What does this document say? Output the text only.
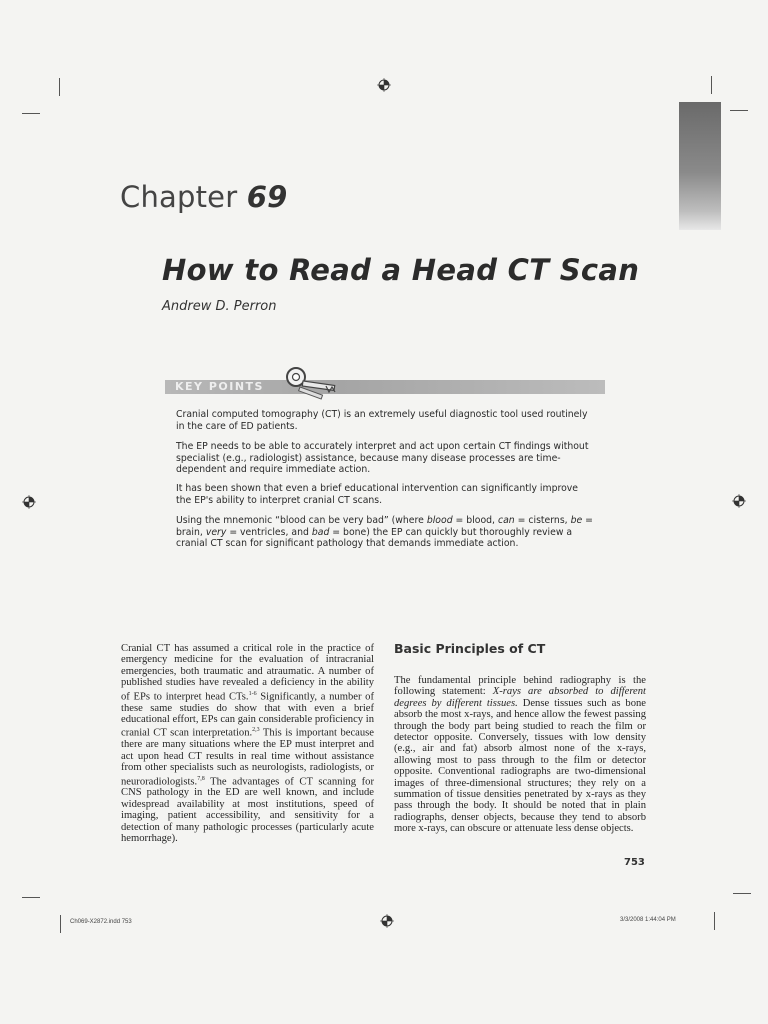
Chapter 69
How to Read a Head CT Scan
Andrew D. Perron
KEY POINTS
Cranial computed tomography (CT) is an extremely useful diagnostic tool used routinely in the care of ED patients.
The EP needs to be able to accurately interpret and act upon certain CT findings without specialist (e.g., radiologist) assistance, because many disease processes are time-dependent and require immediate action.
It has been shown that even a brief educational intervention can significantly improve the EP's ability to interpret cranial CT scans.
Using the mnemonic “blood can be very bad” (where blood = blood, can = cisterns, be = brain, very = ventricles, and bad = bone) the EP can quickly but thoroughly review a cranial CT scan for significant pathology that demands immediate action.
Cranial CT has assumed a critical role in the practice of emergency medicine for the evaluation of intracranial emergencies, both traumatic and atraumatic. A number of published studies have revealed a deficiency in the ability of EPs to interpret head CTs.$^{1-6}$ Significantly, a number of these same studies do show that with even a brief educational effort, EPs can gain considerable proficiency in cranial CT scan interpretation.$^{2,3}$ This is important because there are many situations where the EP must interpret and act upon head CT results in real time without assistance from other specialists such as neurologists, radiologists, or neuroradiologists.$^{7,8}$ The advantages of CT scanning for CNS pathology in the ED are well known, and include widespread availability at most institutions, speed of imaging, patient accessibility, and sensitivity for a detection of many pathologic processes (particularly acute hemorrhage).
Basic Principles of CT
The fundamental principle behind radiography is the following statement: X-rays are absorbed to different degrees by different tissues. Dense tissues such as bone absorb the most x-rays, and hence allow the fewest passing through the body part being studied to reach the film or detector opposite. Conversely, tissues with low density (e.g., air and fat) absorb almost none of the x-rays, allowing most to pass through to the film or detector opposite. Conventional radiographs are two-dimensional images of three-dimensional structures; they rely on a summation of tissue densities penetrated by x-rays as they pass through the body. It should be noted that in plain radiographs, denser objects, because they tend to absorb more x-rays, can obscure or attenuate less dense objects.
753
Ch069-X2872.indd 753	3/3/2008 1:44:04 PM
